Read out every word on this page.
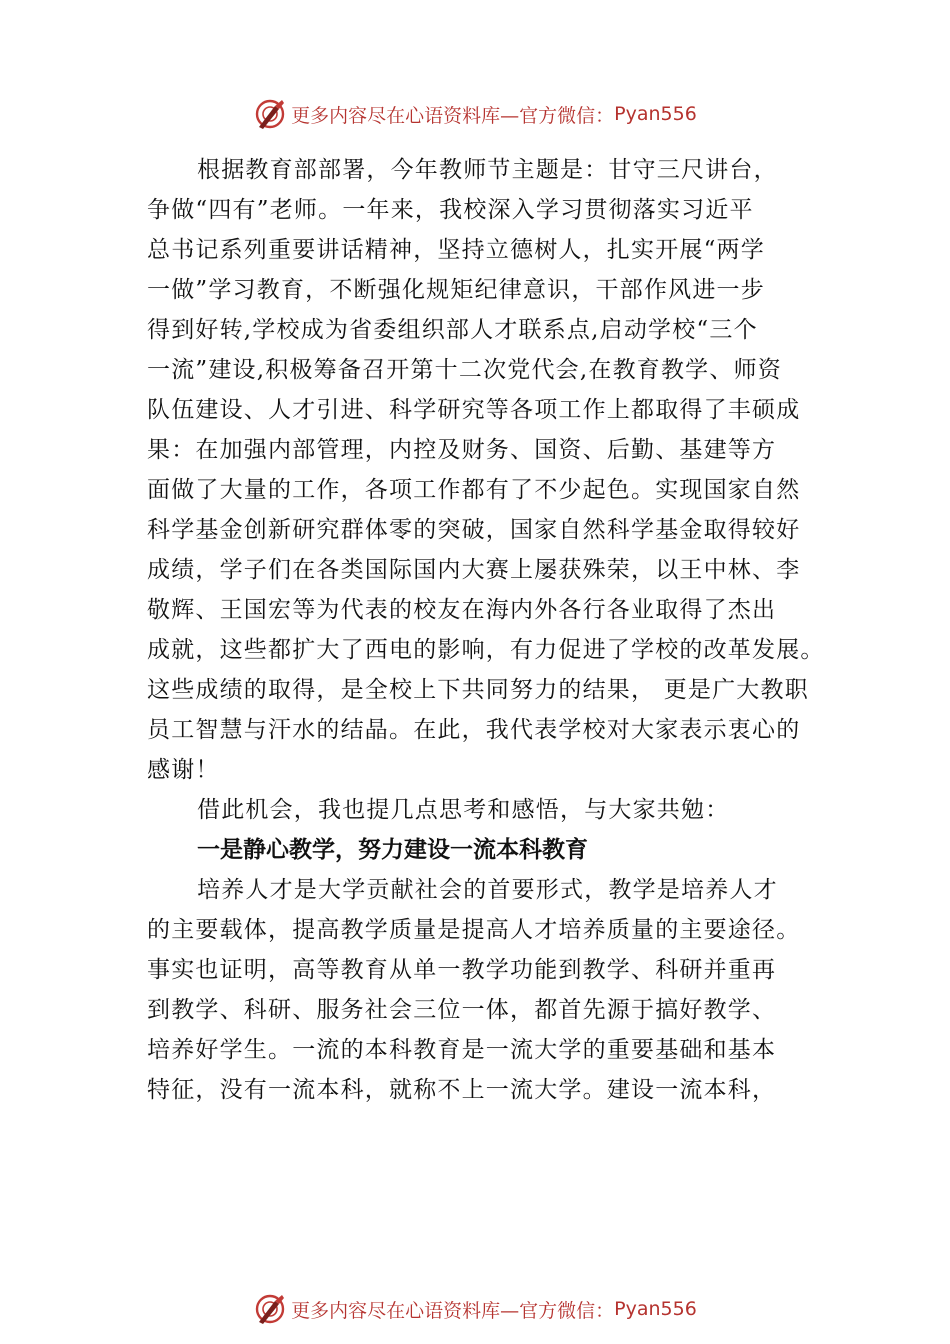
更多内容尽在心语资料库—官方微信： Pyan556
根据教育部部署，今年教师节主题是：甘守三尺讲台，
争做“四有”老师。一年来，我校深入学习贯彻落实习近平
总书记系列重要讲话精神，坚持立德树人，扎实开展“两学
一做”学习教育，不断强化规矩纪律意识，干部作风进一步
得到好转,学校成为省委组织部人才联系点,启动学校“三个
一流”建设,积极筹备召开第十二次党代会,在教育教学、师资
队伍建设、人才引进、科学研究等各项工作上都取得了丰硕成
果：在加强内部管理，内控及财务、国资、后勤、基建等方
面做了大量的工作，各项工作都有了不少起色。实现国家自然
科学基金创新研究群体零的突破，国家自然科学基金取得较好
成绩，学子们在各类国际国内大赛上屡获殊荣，以王中林、李
敬辉、王国宏等为代表的校友在海内外各行各业取得了杰出
成就，这些都扩大了西电的影响，有力促进了学校的改革发展。
这些成绩的取得，是全校上下共同努力的结果， 更是广大教职
员工智慧与汗水的结晶。在此，我代表学校对大家表示衷心的
感谢！
借此机会，我也提几点思考和感悟，与大家共勉：
一是静心教学，努力建设一流本科教育
培养人才是大学贡献社会的首要形式，教学是培养人才
的主要载体，提高教学质量是提高人才培养质量的主要途径。
事实也证明，高等教育从单一教学功能到教学、科研并重再
到教学、科研、服务社会三位一体，都首先源于搞好教学、
培养好学生。一流的本科教育是一流大学的重要基础和基本
特征，没有一流本科，就称不上一流大学。建设一流本科，
更多内容尽在心语资料库—官方微信： Pyan556
